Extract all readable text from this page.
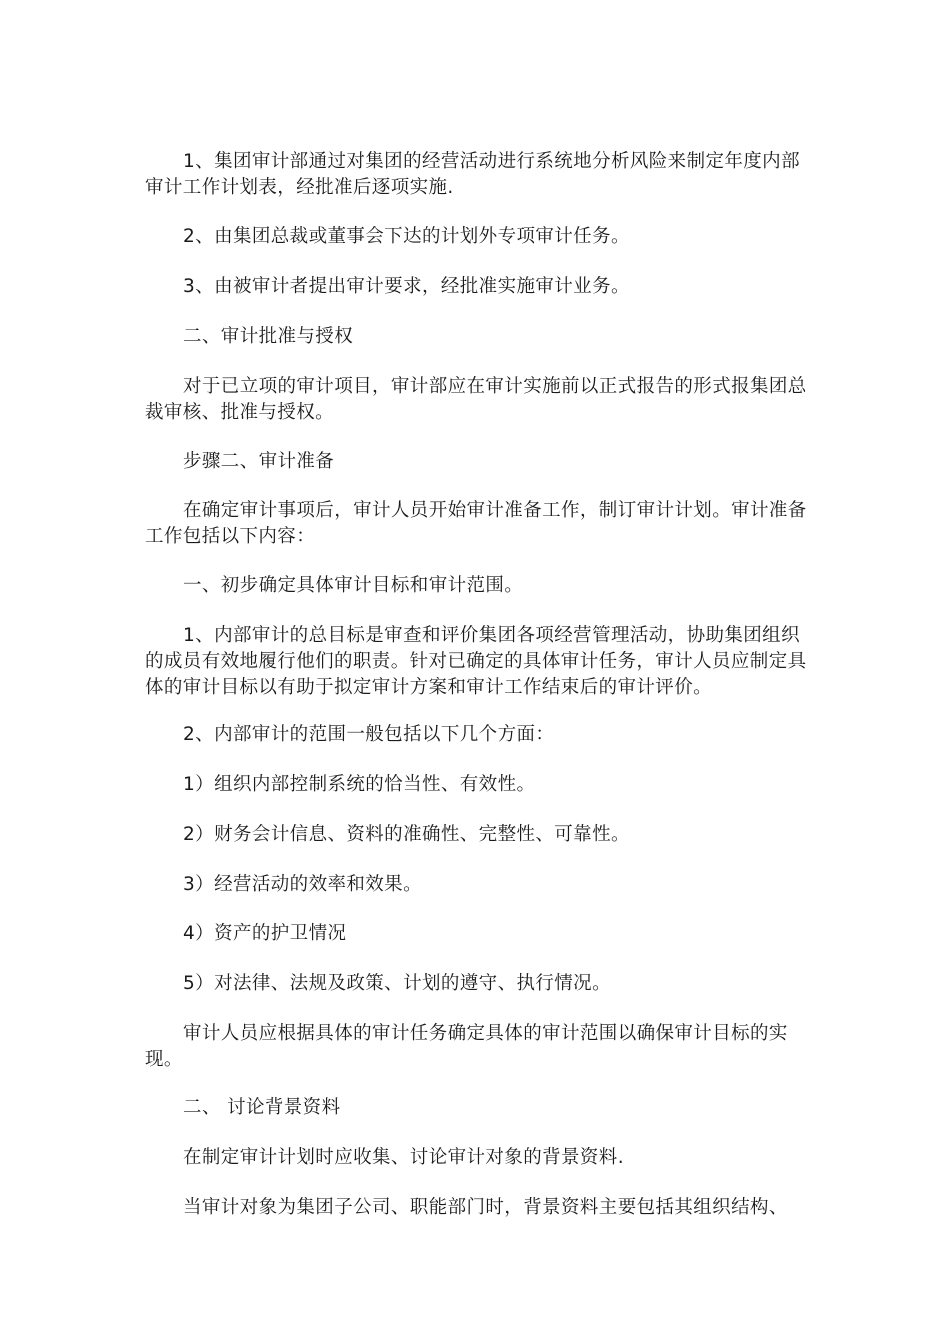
1、集团审计部通过对集团的经营活动进行系统地分析风险来制定年度内部审计工作计划表，经批准后逐项实施.

2、由集团总裁或董事会下达的计划外专项审计任务。

3、由被审计者提出审计要求，经批准实施审计业务。

二、审计批准与授权

对于已立项的审计项目，审计部应在审计实施前以正式报告的形式报集团总裁审核、批准与授权。

步骤二、审计准备

在确定审计事项后，审计人员开始审计准备工作，制订审计计划。审计准备工作包括以下内容：

一、初步确定具体审计目标和审计范围。

1、内部审计的总目标是审查和评价集团各项经营管理活动，协助集团组织的成员有效地履行他们的职责。针对已确定的具体审计任务，审计人员应制定具体的审计目标以有助于拟定审计方案和审计工作结束后的审计评价。

2、内部审计的范围一般包括以下几个方面：

1）组织内部控制系统的恰当性、有效性。

2）财务会计信息、资料的准确性、完整性、可靠性。

3）经营活动的效率和效果。

4）资产的护卫情况

5）对法律、法规及政策、计划的遵守、执行情况。

审计人员应根据具体的审计任务确定具体的审计范围以确保审计目标的实现。

二、 讨论背景资料

在制定审计计划时应收集、讨论审计对象的背景资料.

当审计对象为集团子公司、职能部门时，背景资料主要包括其组织结构、
